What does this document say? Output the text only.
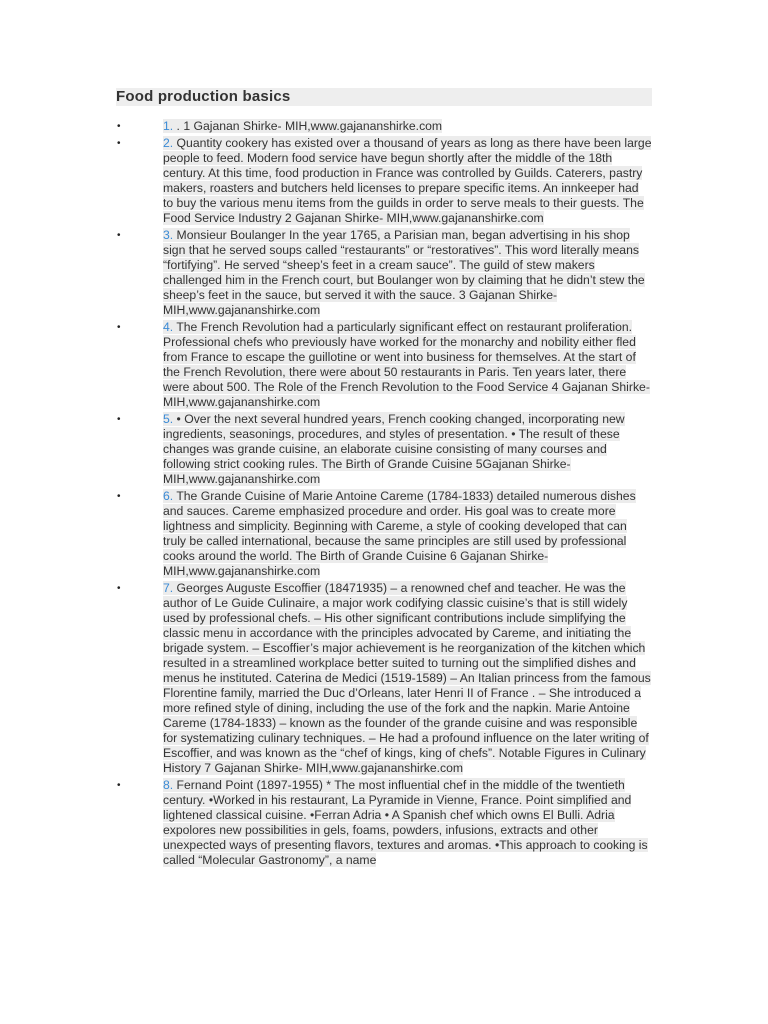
Food production basics
•	1. . 1 Gajanan Shirke- MIH,www.gajananshirke.com
•	2. Quantity cookery has existed over a thousand of years as long as there have been large people to feed. Modern food service have begun shortly after the middle of the 18th century. At this time, food production in France was controlled by Guilds. Caterers, pastry makers, roasters and butchers held licenses to prepare specific items. An innkeeper had to buy the various menu items from the guilds in order to serve meals to their guests. The Food Service Industry 2 Gajanan Shirke- MIH,www.gajananshirke.com
•	3. Monsieur Boulanger In the year 1765, a Parisian man, began advertising in his shop sign that he served soups called “restaurants” or “restoratives”. This word literally means “fortifying”. He served “sheep’s feet in a cream sauce”. The guild of stew makers challenged him in the French court, but Boulanger won by claiming that he didn’t stew the sheep’s feet in the sauce, but served it with the sauce. 3 Gajanan Shirke- MIH,www.gajananshirke.com
•	4. The French Revolution had a particularly significant effect on restaurant proliferation. Professional chefs who previously have worked for the monarchy and nobility either fled from France to escape the guillotine or went into business for themselves. At the start of the French Revolution, there were about 50 restaurants in Paris. Ten years later, there were about 500. The Role of the French Revolution to the Food Service 4 Gajanan Shirke- MIH,www.gajananshirke.com
•	5. • Over the next several hundred years, French cooking changed, incorporating new ingredients, seasonings, procedures, and styles of presentation. • The result of these changes was grande cuisine, an elaborate cuisine consisting of many courses and following strict cooking rules. The Birth of Grande Cuisine 5Gajanan Shirke-MIH,www.gajananshirke.com
•	6. The Grande Cuisine of Marie Antoine Careme (1784-1833) detailed numerous dishes and sauces. Careme emphasized procedure and order. His goal was to create more lightness and simplicity. Beginning with Careme, a style of cooking developed that can truly be called international, because the same principles are still used by professional cooks around the world. The Birth of Grande Cuisine 6 Gajanan Shirke- MIH,www.gajananshirke.com
•	7. Georges Auguste Escoffier (18471935) – a renowned chef and teacher. He was the author of Le Guide Culinaire, a major work codifying classic cuisine’s that is still widely used by professional chefs. – His other significant contributions include simplifying the classic menu in accordance with the principles advocated by Careme, and initiating the brigade system. – Escoffier’s major achievement is he reorganization of the kitchen which resulted in a streamlined workplace better suited to turning out the simplified dishes and menus he instituted. Caterina de Medici (1519-1589) – An Italian princess from the famous Florentine family, married the Duc d’Orleans, later Henri II of France . – She introduced a more refined style of dining, including the use of the fork and the napkin. Marie Antoine Careme (1784-1833) – known as the founder of the grande cuisine and was responsible for systematizing culinary techniques. – He had a profound influence on the later writing of Escoffier, and was known as the “chef of kings, king of chefs”. Notable Figures in Culinary History 7 Gajanan Shirke- MIH,www.gajananshirke.com
•	8. Fernand Point (1897-1955) * The most influential chef in the middle of the twentieth century. •Worked in his restaurant, La Pyramide in Vienne, France. Point simplified and lightened classical cuisine. •Ferran Adria • A Spanish chef which owns El Bulli. Adria expolores new possibilities in gels, foams, powders, infusions, extracts and other unexpected ways of presenting flavors, textures and aromas. •This approach to cooking is called “Molecular Gastronomy”, a name
